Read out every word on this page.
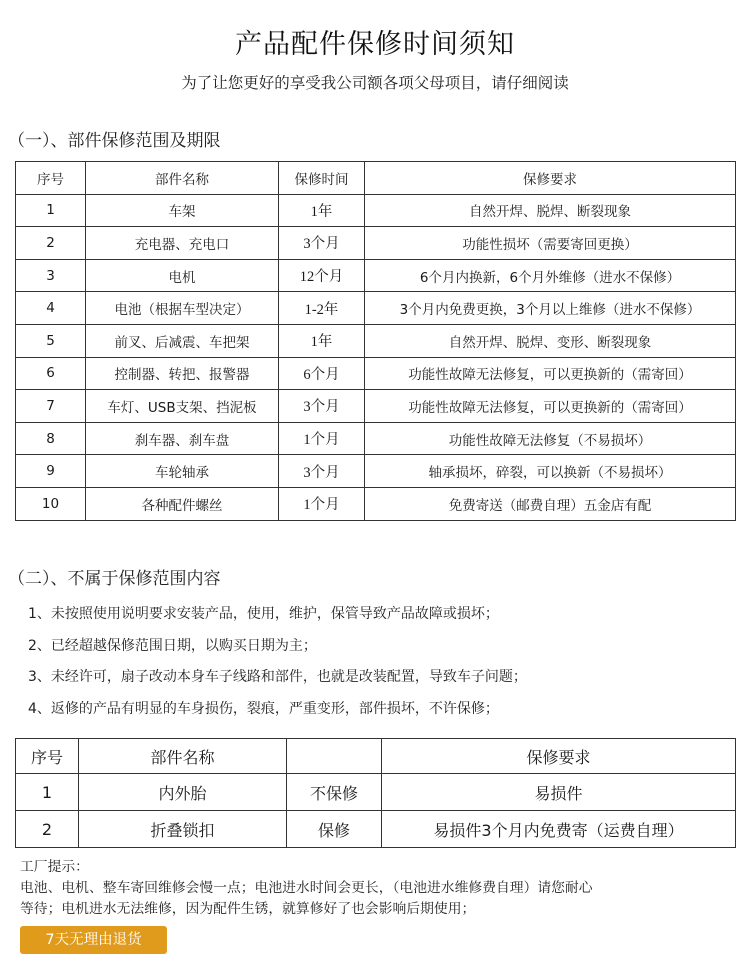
产品配件保修时间须知
为了让您更好的享受我公司额各项父母项目，请仔细阅读
（一）、部件保修范围及期限
序号	部件名称	保修时间	保修要求
1	车架	1年	自然开焊、脱焊、断裂现象
2	充电器、充电口	3个月	功能性损坏（需要寄回更换）
3	电机	12个月	6个月内换新，6个月外维修（进水不保修）
4	电池（根据车型决定）	1-2年	3个月内免费更换，3个月以上维修（进水不保修）
5	前叉、后减震、车把架	1年	自然开焊、脱焊、变形、断裂现象
6	控制器、转把、报警器	6个月	功能性故障无法修复，可以更换新的（需寄回）
7	车灯、USB支架、挡泥板	3个月	功能性故障无法修复，可以更换新的（需寄回）
8	刹车器、刹车盘	1个月	功能性故障无法修复（不易损坏）
9	车轮轴承	3个月	轴承损坏，碎裂，可以换新（不易损坏）
10	各种配件螺丝	1个月	免费寄送（邮费自理）五金店有配
（二）、不属于保修范围内容
1、未按照使用说明要求安装产品，使用，维护，保管导致产品故障或损坏；
2、已经超越保修范围日期，以购买日期为主；
3、未经许可，扇子改动本身车子线路和部件，也就是改装配置，导致车子问题；
4、返修的产品有明显的车身损伤，裂痕，严重变形，部件损坏，不许保修；
序号	部件名称		保修要求
1	内外胎	不保修	易损件
2	折叠锁扣	保修	易损件3个月内免费寄（运费自理）
工厂提示：
电池、电机、整车寄回维修会慢一点；电池进水时间会更长，（电池进水维修费自理）请您耐心
等待；电机进水无法维修，因为配件生锈，就算修好了也会影响后期使用；
7天无理由退货
